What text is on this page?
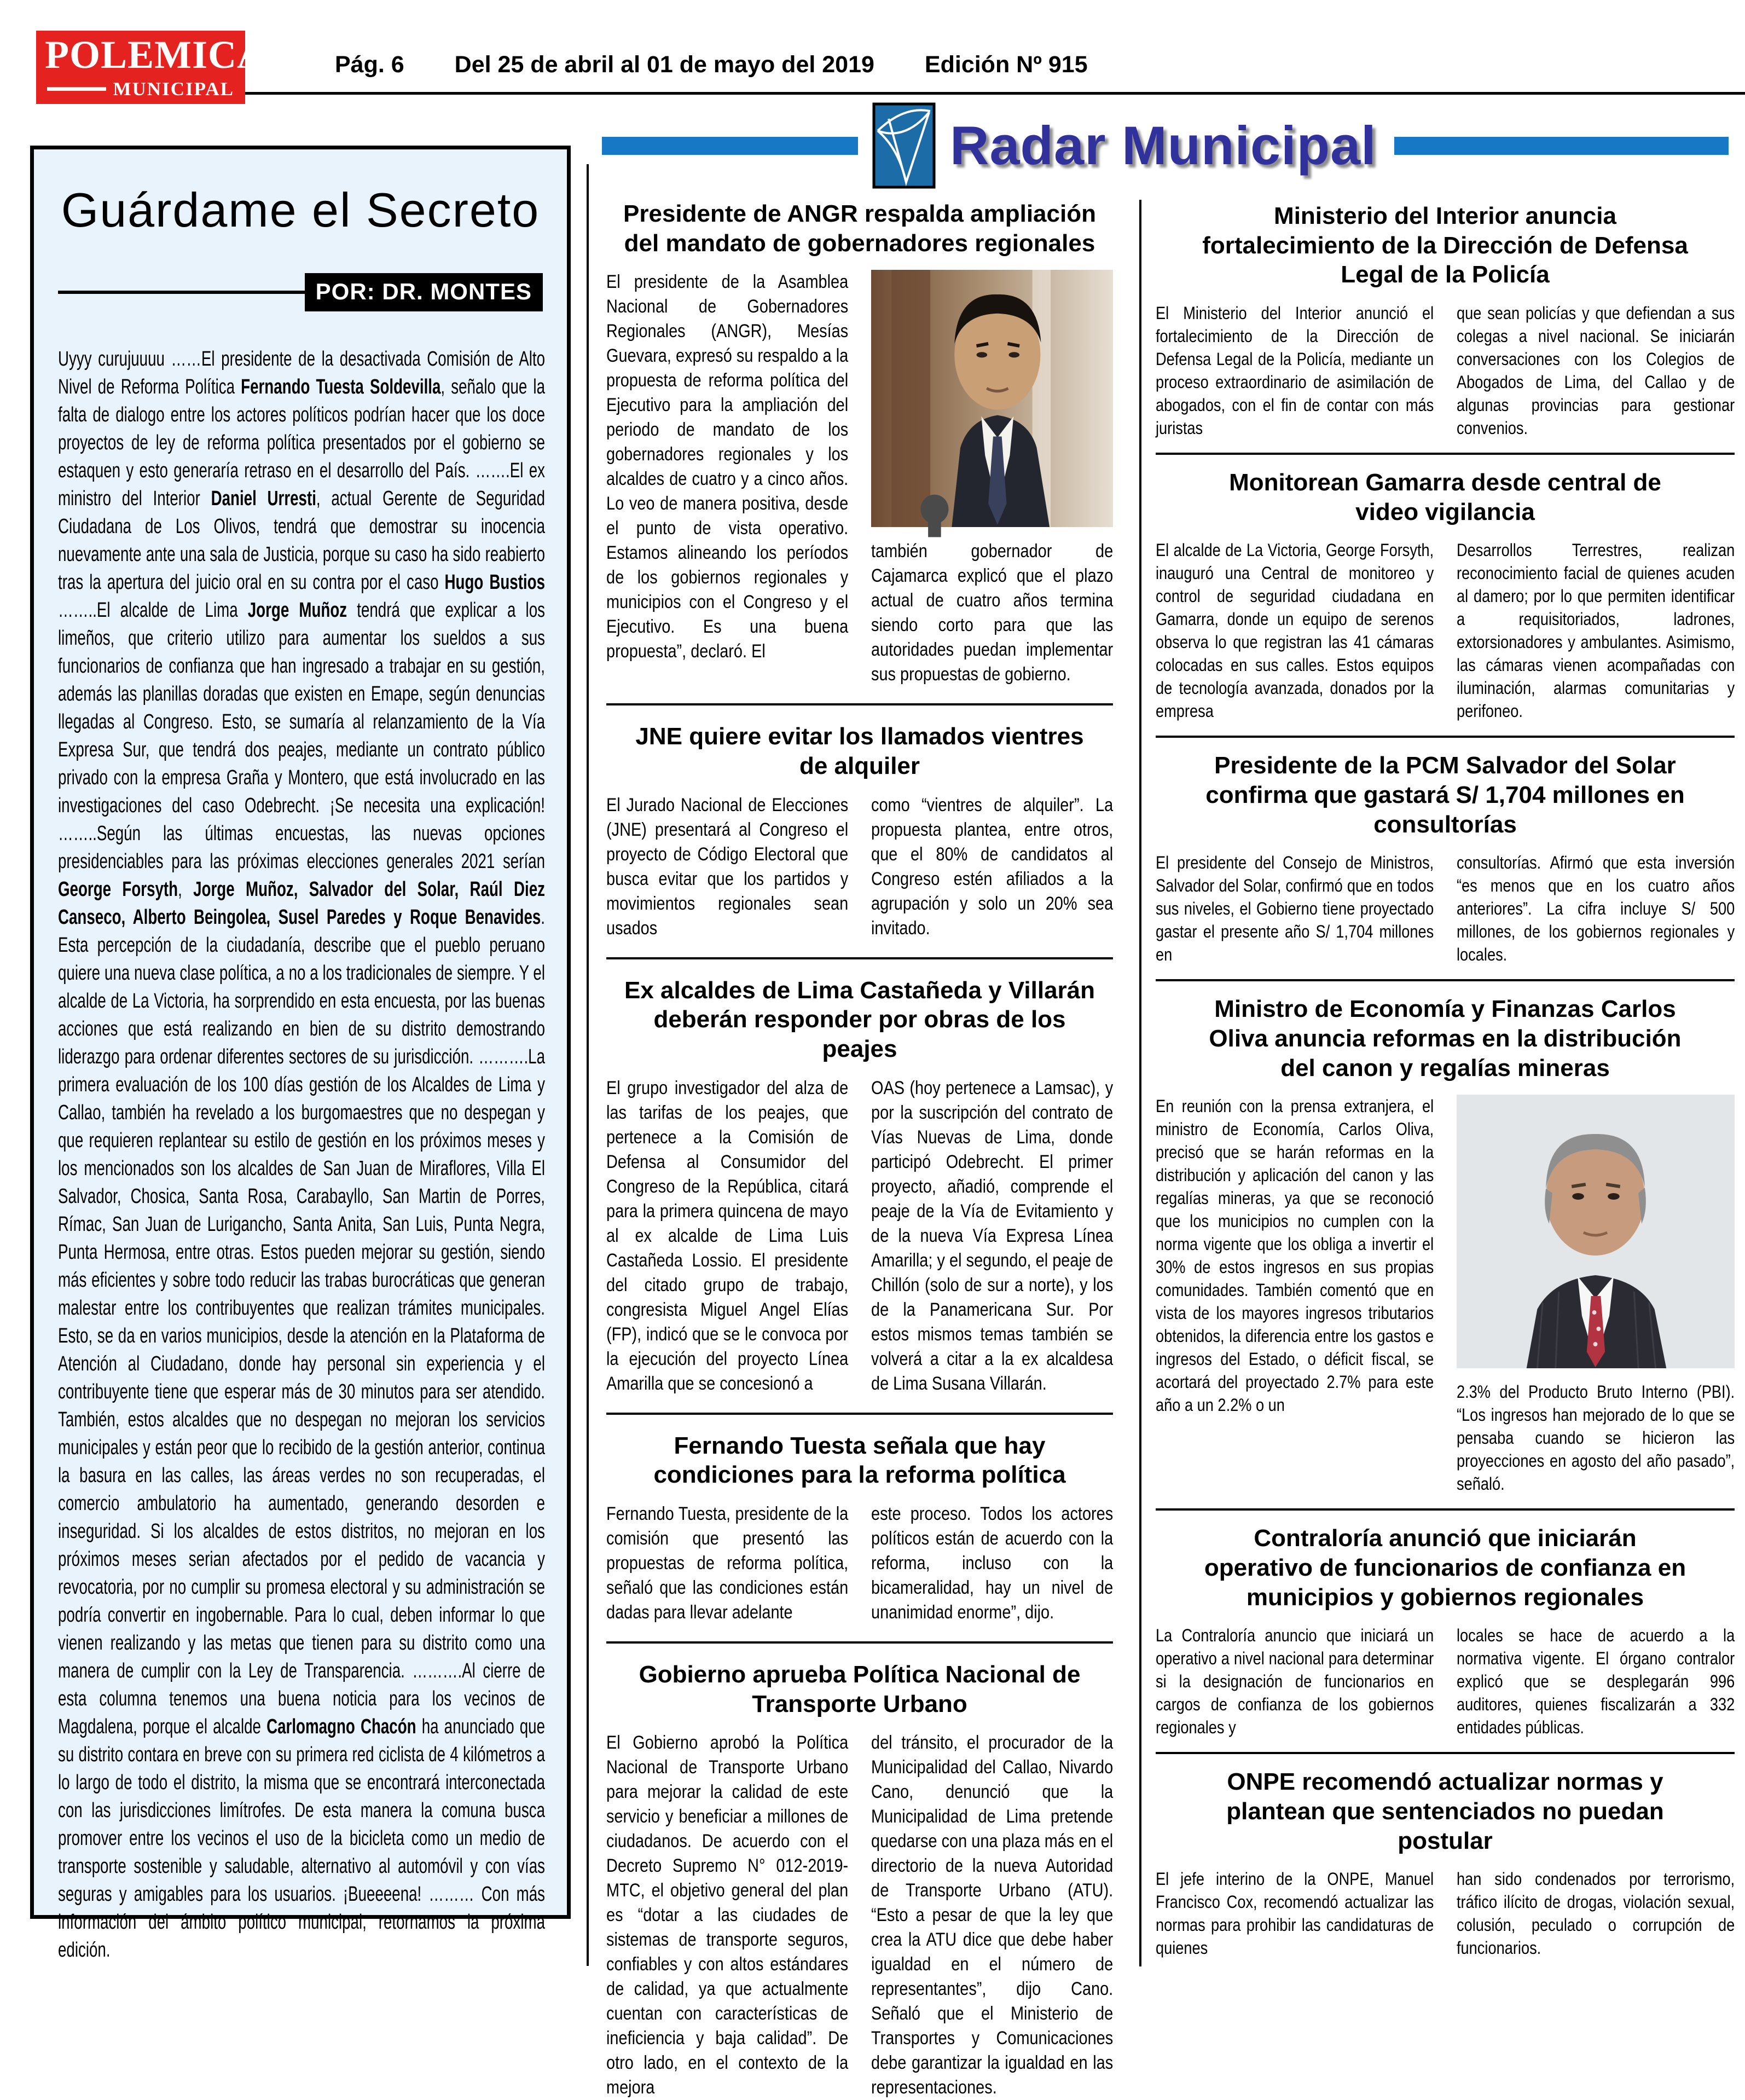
POLEMICA
MUNICIPAL
Pág. 6 Del 25 de abril al 01 de mayo del 2019 Edición Nº 915
Guárdame el Secreto
POR: DR. MONTES
Uyyy curujuuuu ……El presidente de la desactivada Comisión de Alto Nivel de Reforma Política Fernando Tuesta Soldevilla, señalo que la falta de dialogo entre los actores políticos podrían hacer que los doce proyectos de ley de reforma política presentados por el gobierno se estaquen y esto generaría retraso en el desarrollo del País. …….El ex ministro del Interior Daniel Urresti, actual Gerente de Seguridad Ciudadana de Los Olivos, tendrá que demostrar su inocencia nuevamente ante una sala de Justicia, porque su caso ha sido reabierto tras la apertura del juicio oral en su contra por el caso Hugo Bustios ……..El alcalde de Lima Jorge Muñoz tendrá que explicar a los limeños, que criterio utilizo para aumentar los sueldos a sus funcionarios de confianza que han ingresado a trabajar en su gestión, además las planillas doradas que existen en Emape, según denuncias llegadas al Congreso. Esto, se sumaría al relanzamiento de la Vía Expresa Sur, que tendrá dos peajes, mediante un contrato público privado con la empresa Graña y Montero, que está involucrado en las investigaciones del caso Odebrecht. ¡Se necesita una explicación! ……..Según las últimas encuestas, las nuevas opciones presidenciables para las próximas elecciones generales 2021 serían George Forsyth, Jorge Muñoz, Salvador del Solar, Raúl Diez Canseco, Alberto Beingolea, Susel Paredes y Roque Benavides. Esta percepción de la ciudadanía, describe que el pueblo peruano quiere una nueva clase política, a no a los tradicionales de siempre. Y el alcalde de La Victoria, ha sorprendido en esta encuesta, por las buenas acciones que está realizando en bien de su distrito demostrando liderazgo para ordenar diferentes sectores de su jurisdicción. ……….La primera evaluación de los 100 días gestión de los Alcaldes de Lima y Callao, también ha revelado a los burgomaestres que no despegan y que requieren replantear su estilo de gestión en los próximos meses y los mencionados son los alcaldes de San Juan de Miraflores, Villa El Salvador, Chosica, Santa Rosa, Carabayllo, San Martin de Porres, Rímac, San Juan de Lurigancho, Santa Anita, San Luis, Punta Negra, Punta Hermosa, entre otras. Estos pueden mejorar su gestión, siendo más eficientes y sobre todo reducir las trabas burocráticas que generan malestar entre los contribuyentes que realizan trámites municipales. Esto, se da en varios municipios, desde la atención en la Plataforma de Atención al Ciudadano, donde hay personal sin experiencia y el contribuyente tiene que esperar más de 30 minutos para ser atendido. También, estos alcaldes que no despegan no mejoran los servicios municipales y están peor que lo recibido de la gestión anterior, continua la basura en las calles, las áreas verdes no son recuperadas, el comercio ambulatorio ha aumentado, generando desorden e inseguridad. Si los alcaldes de estos distritos, no mejoran en los próximos meses serian afectados por el pedido de vacancia y revocatoria, por no cumplir su promesa electoral y su administración se podría convertir en ingobernable. Para lo cual, deben informar lo que vienen realizando y las metas que tienen para su distrito como una manera de cumplir con la Ley de Transparencia. ……….Al cierre de esta columna tenemos una buena noticia para los vecinos de Magdalena, porque el alcalde Carlomagno Chacón ha anunciado que su distrito contara en breve con su primera red ciclista de 4 kilómetros a lo largo de todo el distrito, la misma que se encontrará interconectada con las jurisdicciones limítrofes. De esta manera la comuna busca promover entre los vecinos el uso de la bicicleta como un medio de transporte sostenible y saludable, alternativo al automóvil y con vías seguras y amigables para los usuarios. ¡Bueeeena! ……… Con más información del ámbito político municipal, retornamos la próxima edición.
Radar Municipal
Presidente de ANGR respalda ampliación del mandato de gobernadores regionales

El presidente de la Asamblea Nacional de Gobernadores Regionales (ANGR), Mesías Guevara, expresó su respaldo a la propuesta de reforma política del Ejecutivo para la ampliación del periodo de mandato de los gobernadores regionales y los alcaldes de cuatro y a cinco años. Lo veo de manera positiva, desde el punto de vista operativo. Estamos alineando los períodos de los gobiernos regionales y municipios con el Congreso y el Ejecutivo. Es una buena propuesta”, declaró. El

también gobernador de Cajamarca explicó que el plazo actual de cuatro años termina siendo corto para que las autoridades puedan implementar sus propuestas de gobierno.

JNE quiere evitar los llamados vientres de alquiler

El Jurado Nacional de Elecciones (JNE) presentará al Congreso el proyecto de Código Electoral que busca evitar que los partidos y movimientos regionales sean usados

como “vientres de alquiler”. La propuesta plantea, entre otros, que el 80% de candidatos al Congreso estén afiliados a la agrupación y solo un 20% sea invitado.

Ex alcaldes de Lima Castañeda y Villarán deberán responder por obras de los peajes

El grupo investigador del alza de las tarifas de los peajes, que pertenece a la Comisión de Defensa al Consumidor del Congreso de la República, citará para la primera quincena de mayo al ex alcalde de Lima Luis Castañeda Lossio. El presidente del citado grupo de trabajo, congresista Miguel Angel Elías (FP), indicó que se le convoca por la ejecución del proyecto Línea Amarilla que se concesionó a

OAS (hoy pertenece a Lamsac), y por la suscripción del contrato de Vías Nuevas de Lima, donde participó Odebrecht. El primer proyecto, añadió, comprende el peaje de la Vía de Evitamiento y de la nueva Vía Expresa Línea Amarilla; y el segundo, el peaje de Chillón (solo de sur a norte), y los de la Panamericana Sur. Por estos mismos temas también se volverá a citar a la ex alcaldesa de Lima Susana Villarán.

Fernando Tuesta señala que hay condiciones para la reforma política

Fernando Tuesta, presidente de la comisión que presentó las propuestas de reforma política, señaló que las condiciones están dadas para llevar adelante

este proceso. Todos los actores políticos están de acuerdo con la reforma, incluso con la bicameralidad, hay un nivel de unanimidad enorme”, dijo.

Gobierno aprueba Política Nacional de Transporte Urbano

El Gobierno aprobó la Política Nacional de Transporte Urbano para mejorar la calidad de este servicio y beneficiar a millones de ciudadanos. De acuerdo con el Decreto Supremo N° 012-2019-MTC, el objetivo general del plan es “dotar a las ciudades de sistemas de transporte seguros, confiables y con altos estándares de calidad, ya que actualmente cuentan con características de ineficiencia y baja calidad”. De otro lado, en el contexto de la mejora

del tránsito, el procurador de la Municipalidad del Callao, Nivardo Cano, denunció que la Municipalidad de Lima pretende quedarse con una plaza más en el directorio de la nueva Autoridad de Transporte Urbano (ATU). “Esto a pesar de que la ley que crea la ATU dice que debe haber igualdad en el número de representantes”, dijo Cano. Señaló que el Ministerio de Transportes y Comunicaciones debe garantizar la igualdad en las representaciones.

Ministerio del Interior anuncia fortalecimiento de la Dirección de Defensa Legal de la Policía

El Ministerio del Interior anunció el fortalecimiento de la Dirección de Defensa Legal de la Policía, mediante un proceso extraordinario de asimilación de abogados, con el fin de contar con más juristas

que sean policías y que defiendan a sus colegas a nivel nacional. Se iniciarán conversaciones con los Colegios de Abogados de Lima, del Callao y de algunas provincias para gestionar convenios.

Monitorean Gamarra desde central de video vigilancia

El alcalde de La Victoria, George Forsyth, inauguró una Central de monitoreo y control de seguridad ciudadana en Gamarra, donde un equipo de serenos observa lo que registran las 41 cámaras colocadas en sus calles. Estos equipos de tecnología avanzada, donados por la empresa

Desarrollos Terrestres, realizan reconocimiento facial de quienes acuden al damero; por lo que permiten identificar a requisitoriados, ladrones, extorsionadores y ambulantes. Asimismo, las cámaras vienen acompañadas con iluminación, alarmas comunitarias y perifoneo.

Presidente de la PCM Salvador del Solar confirma que gastará S/ 1,704 millones en consultorías

El presidente del Consejo de Ministros, Salvador del Solar, confirmó que en todos sus niveles, el Gobierno tiene proyectado gastar el presente año S/ 1,704 millones en

consultorías. Afirmó que esta inversión “es menos que en los cuatro años anteriores”. La cifra incluye S/ 500 millones, de los gobiernos regionales y locales.

Ministro de Economía y Finanzas Carlos Oliva anuncia reformas en la distribución del canon y regalías mineras

En reunión con la prensa extranjera, el ministro de Economía, Carlos Oliva, precisó que se harán reformas en la distribución y aplicación del canon y las regalías mineras, ya que se reconoció que los municipios no cumplen con la norma vigente que los obliga a invertir el 30% de estos ingresos en sus propias comunidades. También comentó que en vista de los mayores ingresos tributarios obtenidos, la diferencia entre los gastos e ingresos del Estado, o déficit fiscal, se acortará del proyectado 2.7% para este año a un 2.2% o un

2.3% del Producto Bruto Interno (PBI). “Los ingresos han mejorado de lo que se pensaba cuando se hicieron las proyecciones en agosto del año pasado”, señaló.

Contraloría anunció que iniciarán operativo de funcionarios de confianza en municipios y gobiernos regionales

La Contraloría anuncio que iniciará un operativo a nivel nacional para determinar si la designación de funcionarios en cargos de confianza de los gobiernos regionales y

locales se hace de acuerdo a la normativa vigente. El órgano contralor explicó que se desplegarán 996 auditores, quienes fiscalizarán a 332 entidades públicas.

ONPE recomendó actualizar normas y plantean que sentenciados no puedan postular

El jefe interino de la ONPE, Manuel Francisco Cox, recomendó actualizar las normas para prohibir las candidaturas de quienes

han sido condenados por terrorismo, tráfico ilícito de drogas, violación sexual, colusión, peculado o corrupción de funcionarios.
